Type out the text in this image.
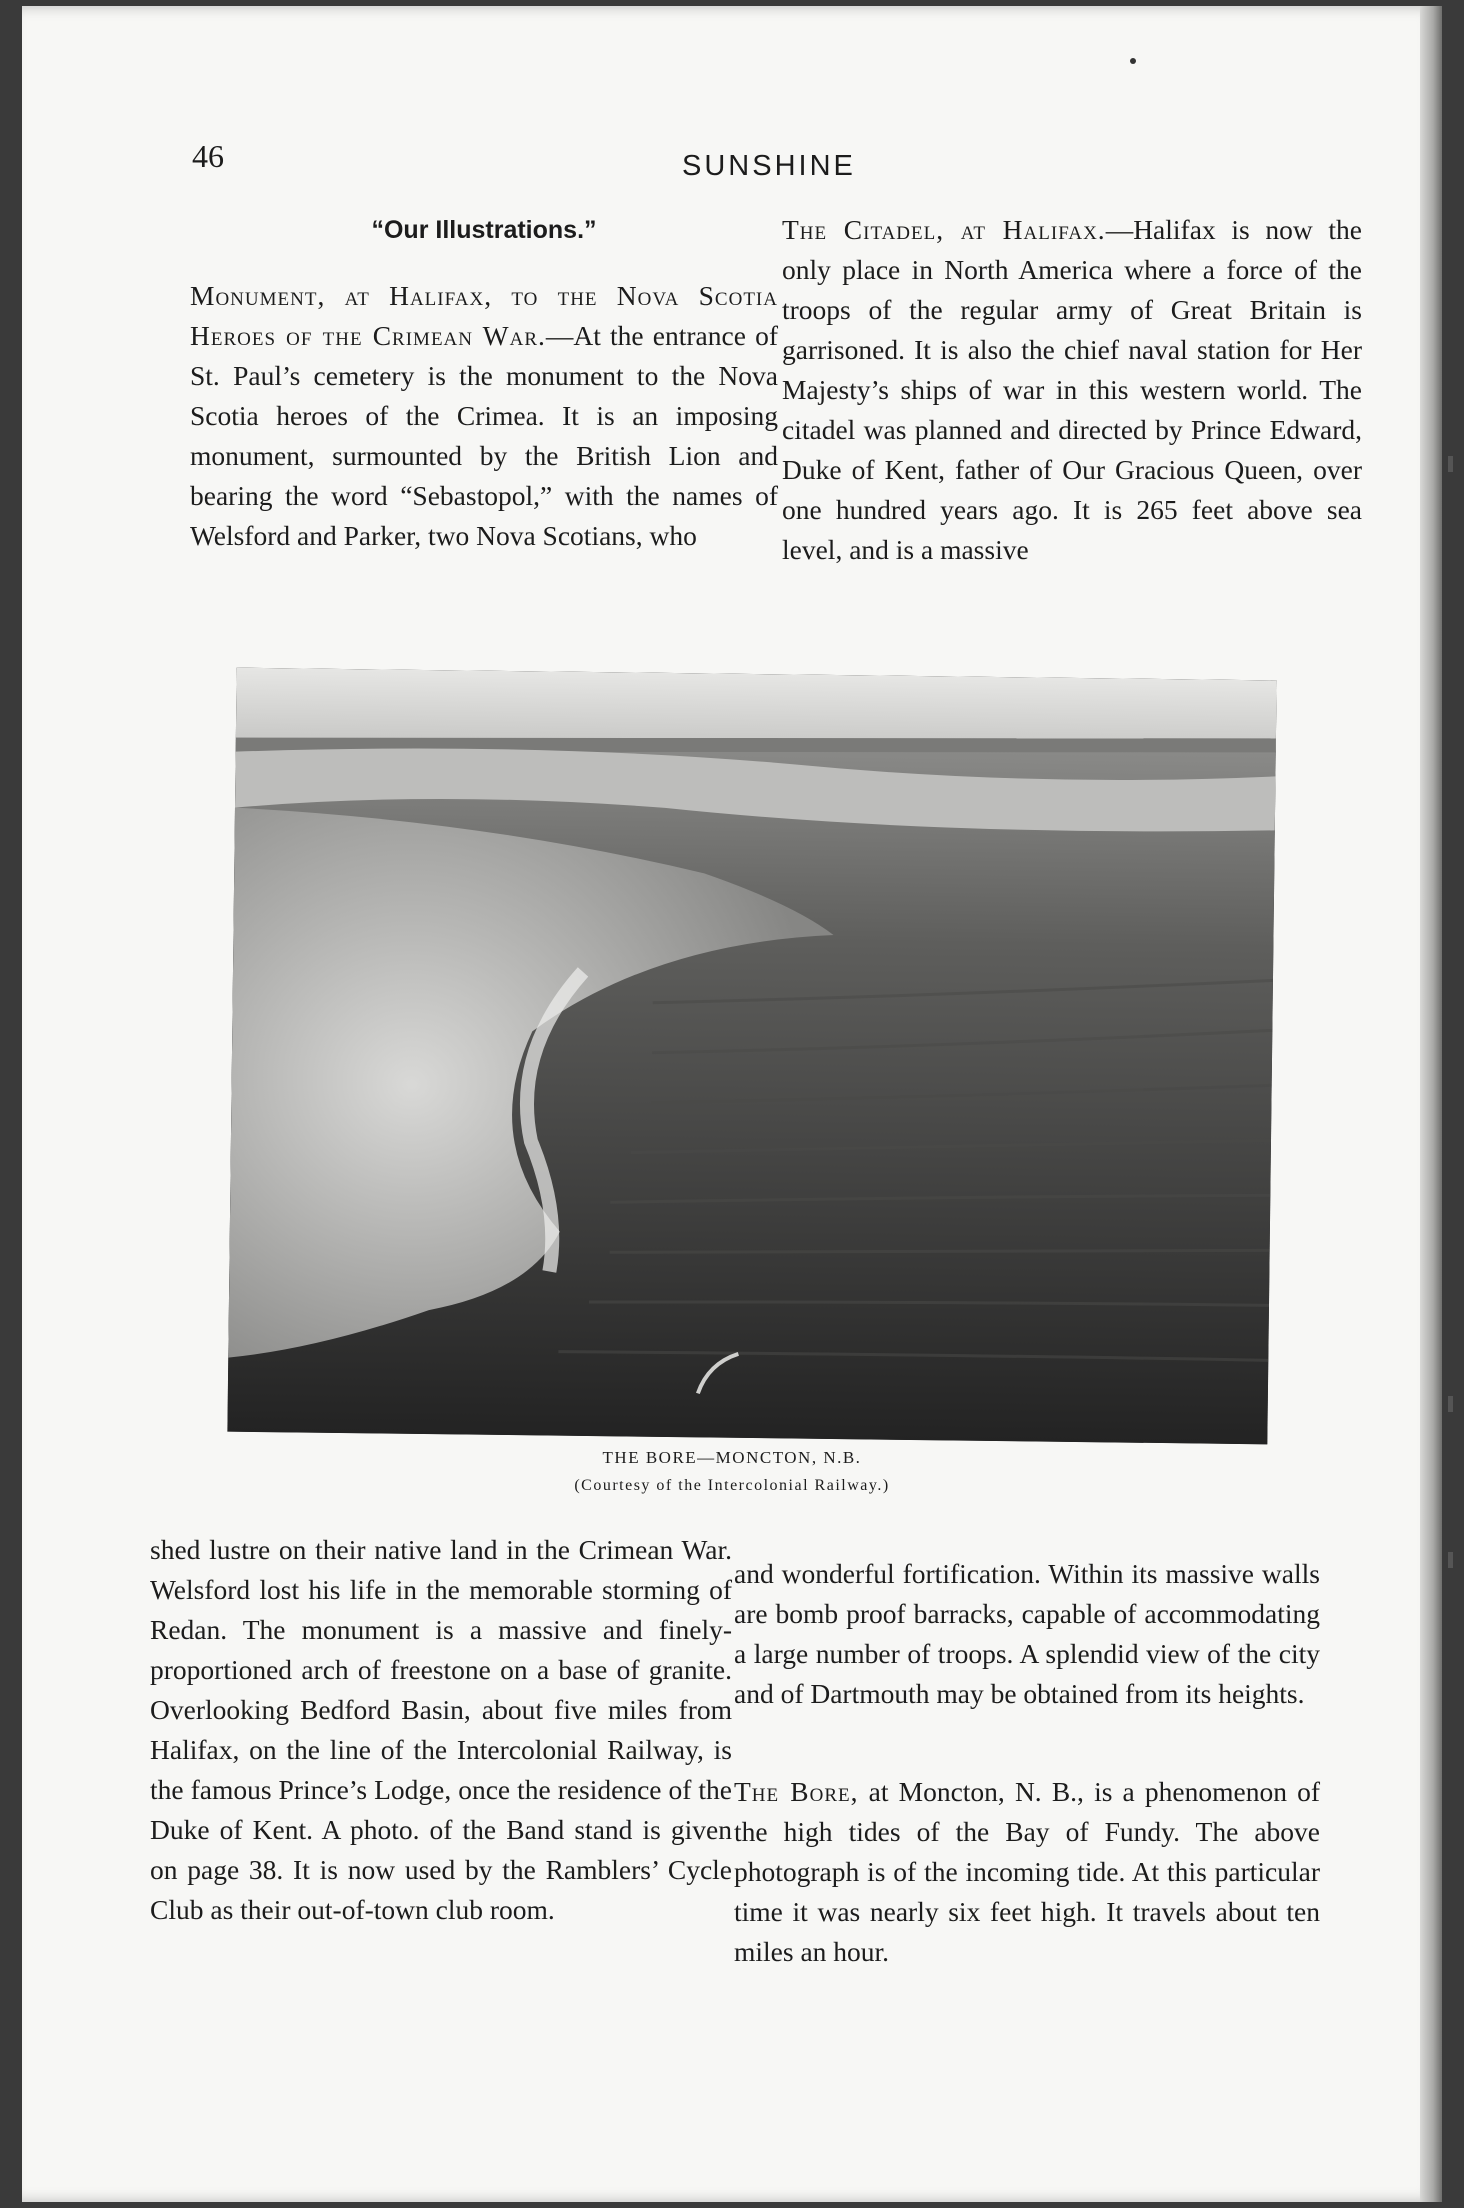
46	SUNSHINE

“Our Illustrations.”

Monument, at Halifax, to the Nova Scotia Heroes of the Crimean War.—At the entrance of St. Paul’s cemetery is the monument to the Nova Scotia heroes of the Crimea. It is an imposing monument, surmounted by the British Lion and bearing the word “Sebastopol,” with the names of Welsford and Parker, two Nova Scotians, who

The Citadel, at Halifax.—Halifax is now the only place in North America where a force of the troops of the regular army of Great Britain is garrisoned. It is also the chief naval station for Her Majesty’s ships of war in this western world. The citadel was planned and directed by Prince Edward, Duke of Kent, father of Our Gracious Queen, over one hundred years ago. It is 265 feet above sea level, and is a massive

THE BORE—MONCTON, N.B.
(Courtesy of the Intercolonial Railway.)

shed lustre on their native land in the Crimean War. Welsford lost his life in the memorable storming of Redan. The monument is a massive and finely-proportioned arch of freestone on a base of granite. Overlooking Bedford Basin, about five miles from Halifax, on the line of the Intercolonial Railway, is the famous Prince’s Lodge, once the residence of the Duke of Kent. A photo. of the Band stand is given on page 38. It is now used by the Ramblers’ Cycle Club as their out-of-town club room.

and wonderful fortification. Within its massive walls are bomb proof barracks, capable of accommodating a large number of troops. A splendid view of the city and of Dartmouth may be obtained from its heights.

The Bore, at Moncton, N. B., is a phenomenon of the high tides of the Bay of Fundy. The above photograph is of the incoming tide. At this particular time it was nearly six feet high. It travels about ten miles an hour.
